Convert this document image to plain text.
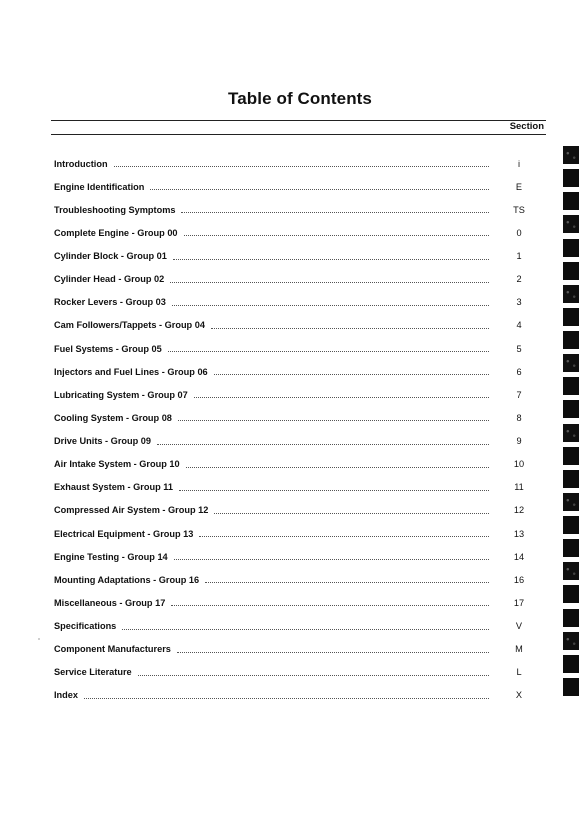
Table of Contents
Section
Introduction	i
Engine Identification	E
Troubleshooting Symptoms	TS
Complete Engine - Group 00	0
Cylinder Block - Group 01	1
Cylinder Head - Group 02	2
Rocker Levers - Group 03	3
Cam Followers/Tappets - Group 04	4
Fuel Systems - Group 05	5
Injectors and Fuel Lines - Group 06	6
Lubricating System - Group 07	7
Cooling System - Group 08	8
Drive Units - Group 09	9
Air Intake System - Group 10	10
Exhaust System - Group 11	11
Compressed Air System - Group 12	12
Electrical Equipment - Group 13	13
Engine Testing - Group 14	14
Mounting Adaptations - Group 16	16
Miscellaneous - Group 17	17
Specifications	V
Component Manufacturers	M
Service Literature	L
Index	X
